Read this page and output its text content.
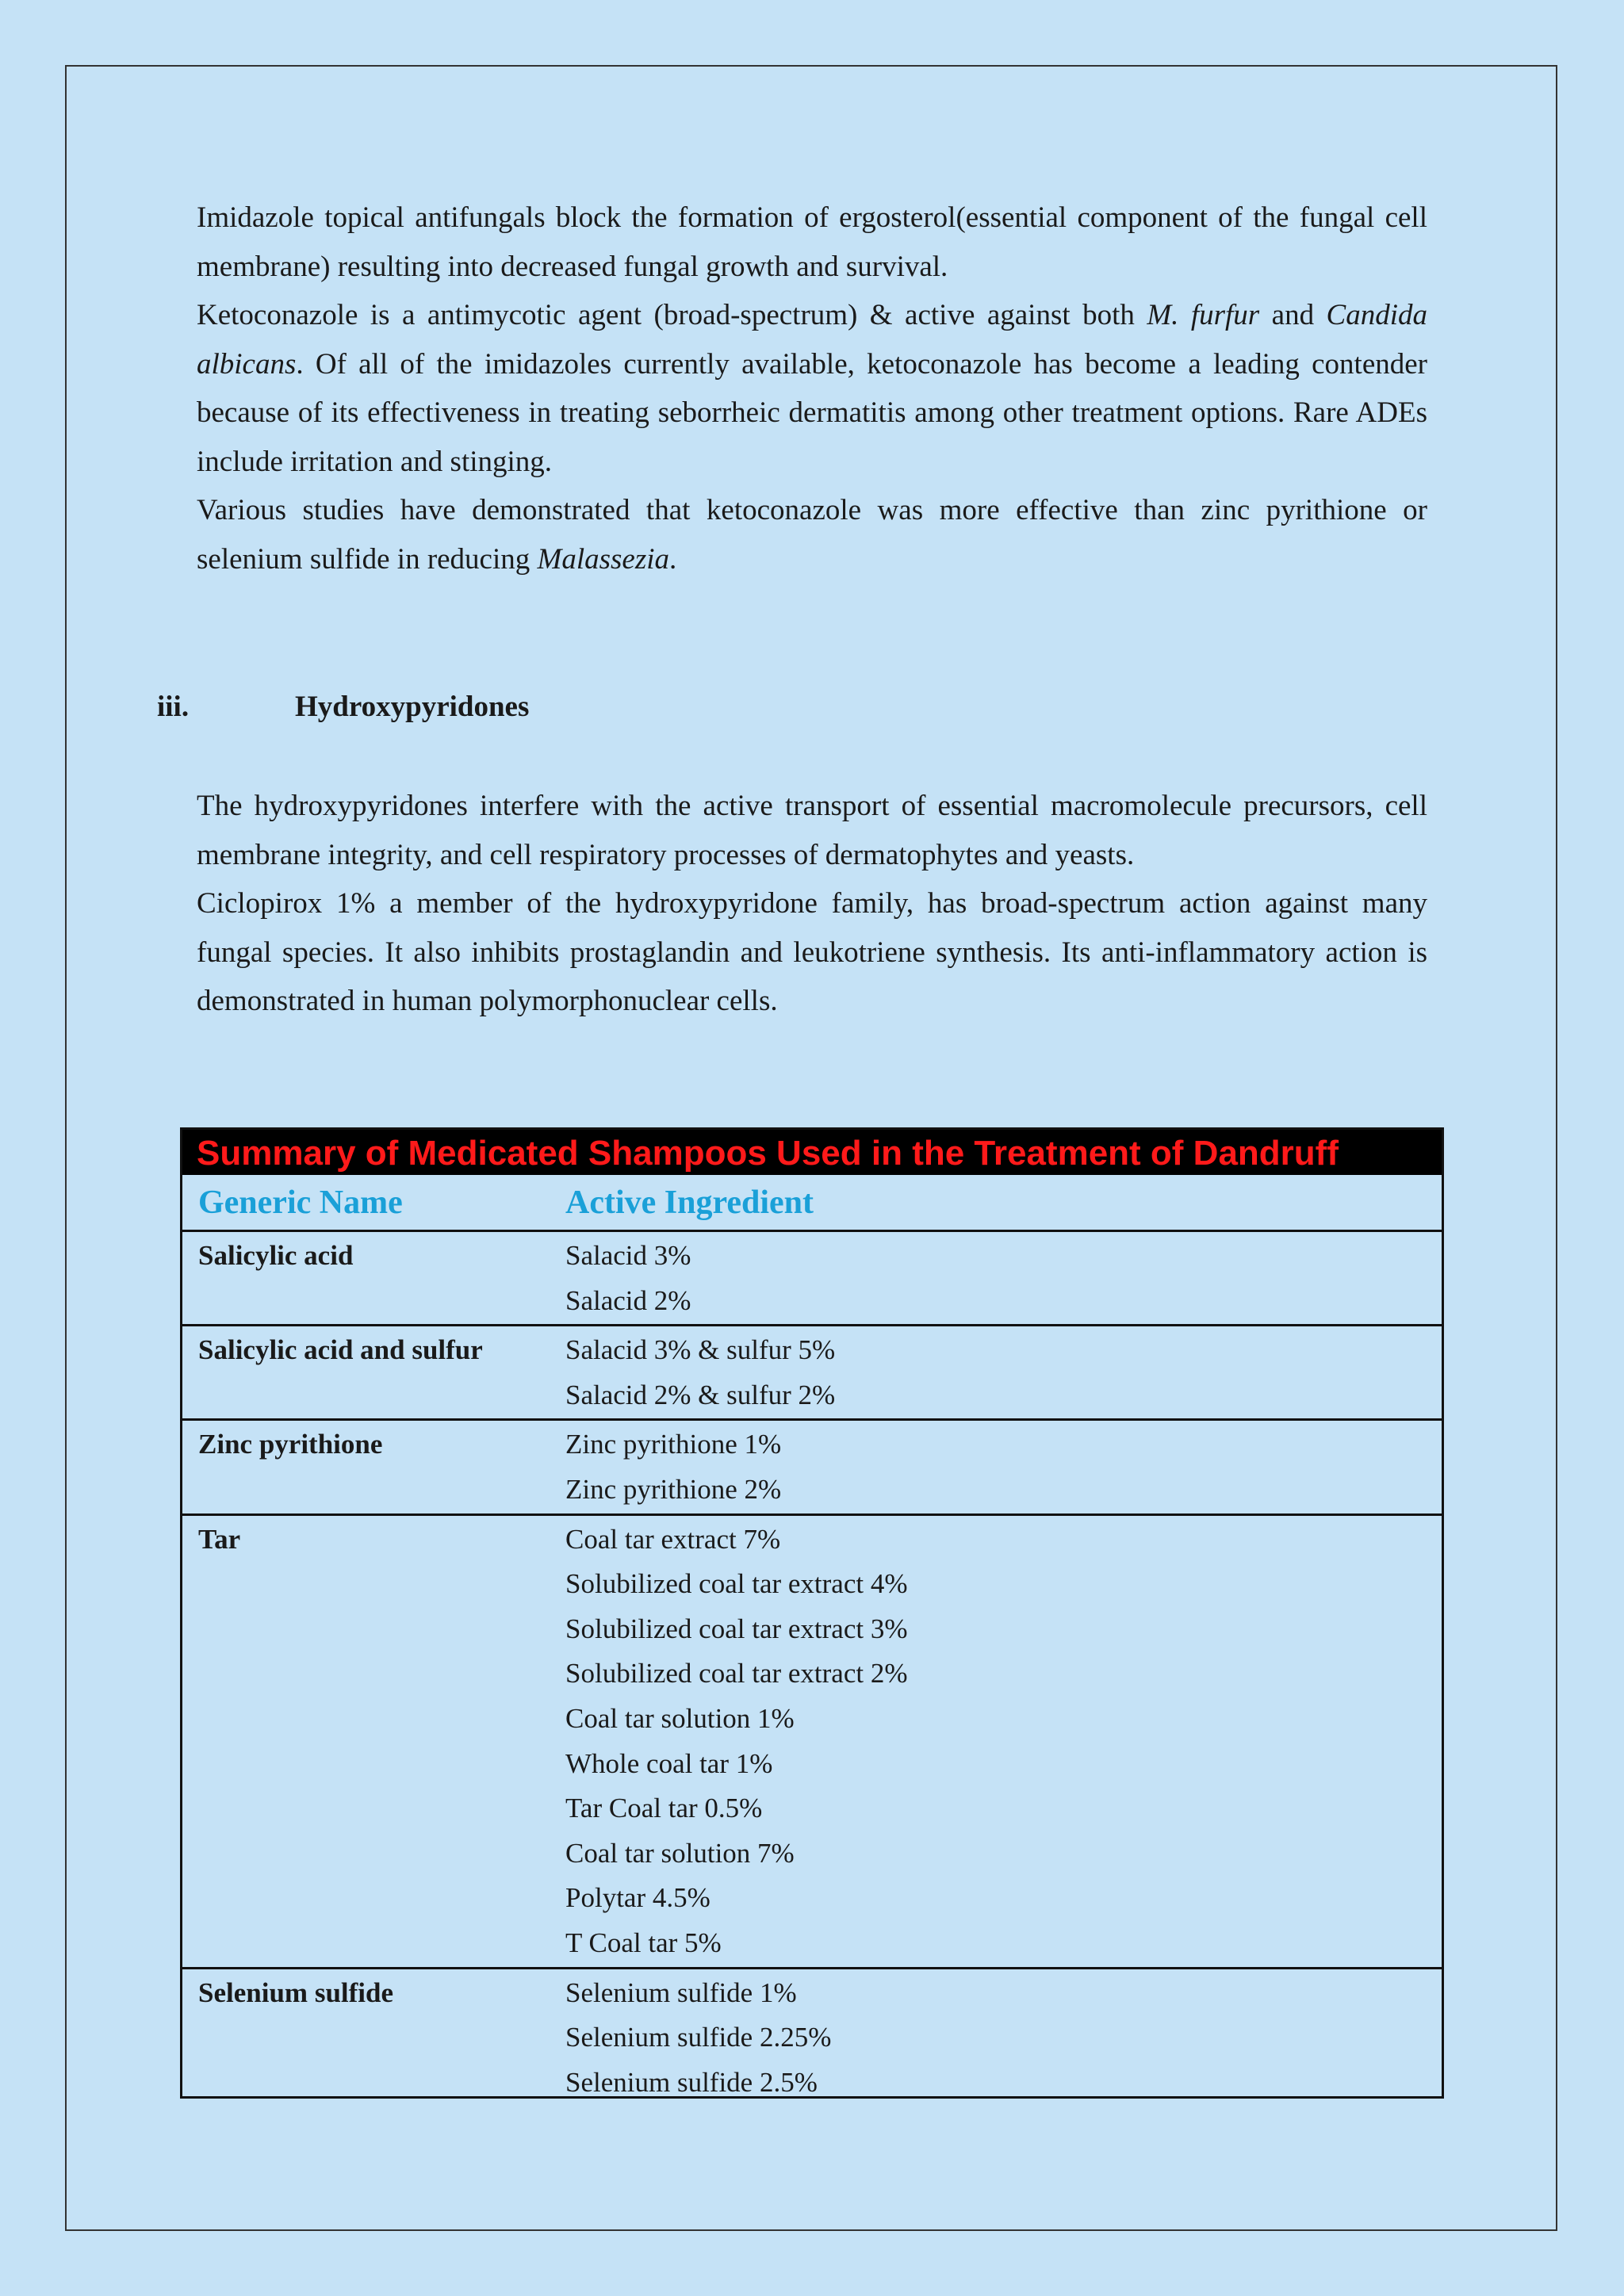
Imidazole topical antifungals block the formation of ergosterol(essential component of the fungal cell membrane) resulting into decreased fungal growth and survival.

Ketoconazole is a antimycotic agent (broad-spectrum) & active against both M. furfur and Candida albicans. Of all of the imidazoles currently available, ketoconazole has become a leading contender because of its effectiveness in treating seborrheic dermatitis among other treatment options. Rare ADEs include irritation and stinging.

Various studies have demonstrated that ketoconazole was more effective than zinc pyrithione or selenium sulfide in reducing Malassezia.

iii.	Hydroxypyridones

The hydroxypyridones interfere with the active transport of essential macromolecule precursors, cell membrane integrity, and cell respiratory processes of dermatophytes and yeasts.

Ciclopirox 1% a member of the hydroxypyridone family, has broad-spectrum action against many fungal species. It also inhibits prostaglandin and leukotriene synthesis. Its anti-inflammatory action is demonstrated in human polymorphonuclear cells.

Summary of Medicated Shampoos Used in the Treatment of Dandruff
Generic Name	Active Ingredient
Salicylic acid	Salacid 3%
Salacid 2%
Salicylic acid and sulfur	Salacid 3% & sulfur 5%
Salacid 2% & sulfur 2%
Zinc pyrithione	Zinc pyrithione 1%
Zinc pyrithione 2%
Tar	Coal tar extract 7%
Solubilized coal tar extract 4%
Solubilized coal tar extract 3%
Solubilized coal tar extract 2%
Coal tar solution 1%
Whole coal tar 1%
Tar Coal tar 0.5%
Coal tar solution 7%
Polytar 4.5%
T Coal tar 5%
Selenium sulfide	Selenium sulfide 1%
Selenium sulfide 2.25%
Selenium sulfide 2.5%
